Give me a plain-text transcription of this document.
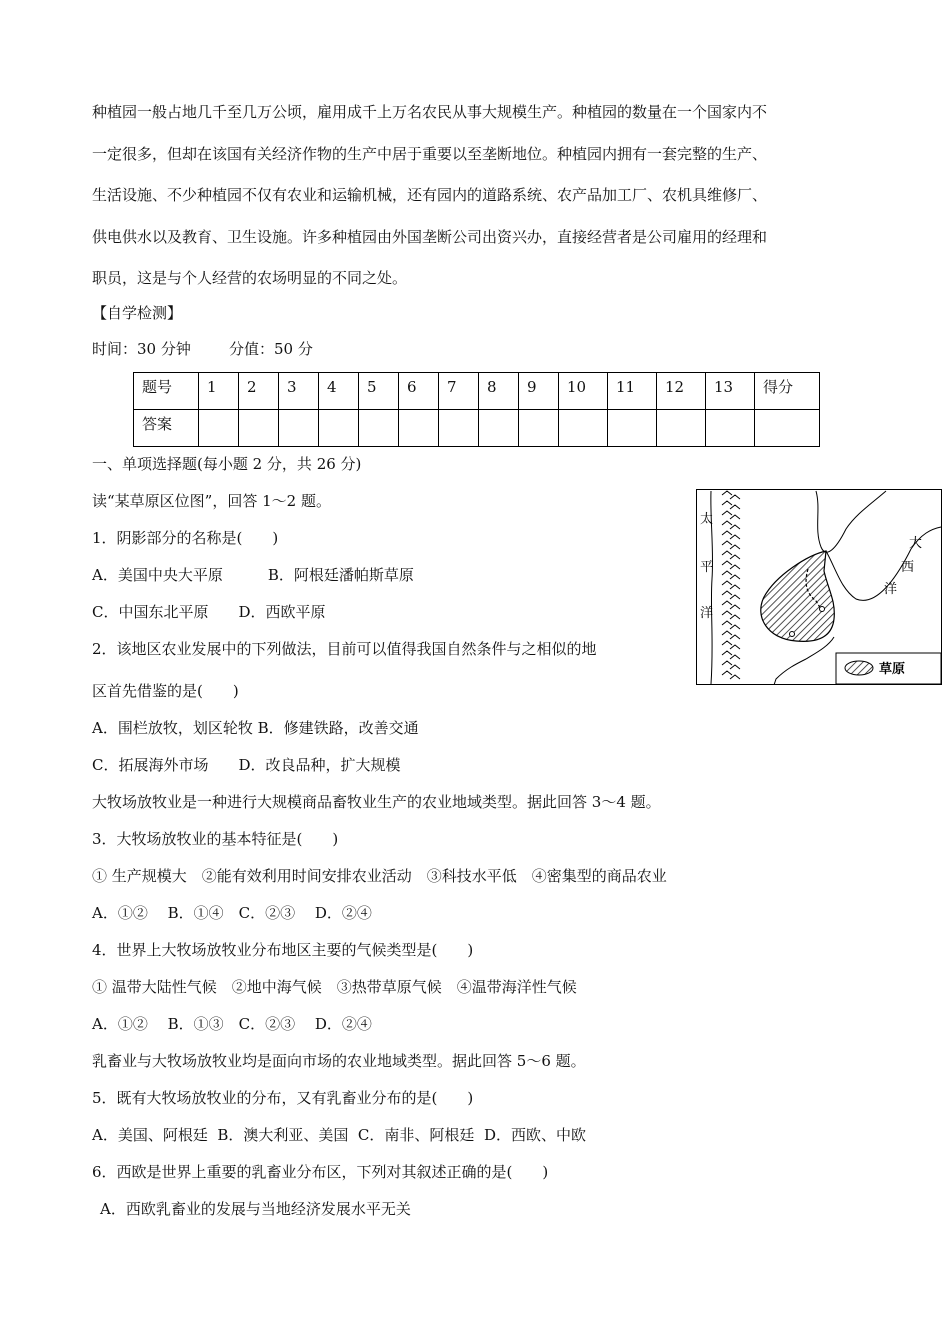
种植园一般占地几千至几万公顷，雇用成千上万名农民从事大规模生产。种植园的数量在一个国家内不
一定很多，但却在该国有关经济作物的生产中居于重要以至垄断地位。种植园内拥有一套完整的生产、
生活设施、不少种植园不仅有农业和运输机械，还有园内的道路系统、农产品加工厂、农机具维修厂、
供电供水以及教育、卫生设施。许多种植园由外国垄断公司出资兴办，直接经营者是公司雇用的经理和
职员，这是与个人经营的农场明显的不同之处。
【自学检测】
时间：30 分钟        分值：50 分
题号	1	2	3	4	5	6	7	8	9	10	11	12	13	得分
答案														
一、单项选择题(每小题 2 分，共 26 分)
读“某草原区位图”，回答 1～2 题。
1．阴影部分的名称是(　　)
A．美国中央大平原　　　B．阿根廷潘帕斯草原
C．中国东北平原　　D．西欧平原
2．该地区农业发展中的下列做法，目前可以值得我国自然条件与之相似的地
区首先借鉴的是(　　)
A．围栏放牧，划区轮牧 B．修建铁路，改善交通
C．拓展海外市场　　D．改良品种，扩大规模
大牧场放牧业是一种进行大规模商品畜牧业生产的农业地域类型。据此回答 3～4 题。
3．大牧场放牧业的基本特征是(　　)
① 生产规模大　②能有效利用时间安排农业活动　③科技水平低　④密集型的商品农业
A．①②　 B．①④　C．②③　 D．②④
4．世界上大牧场放牧业分布地区主要的气候类型是(　　)
① 温带大陆性气候　②地中海气候　③热带草原气候　④温带海洋性气候
A．①②　 B．①③　C．②③　 D．②④
乳畜业与大牧场放牧业均是面向市场的农业地域类型。据此回答 5～6 题。
5．既有大牧场放牧业的分布，又有乳畜业分布的是(　　)
A．美国、阿根廷  B．澳大利亚、美国  C．南非、阿根廷  D．西欧、中欧
6．西欧是世界上重要的乳畜业分布区，下列对其叙述正确的是(　　)
A．西欧乳畜业的发展与当地经济发展水平无关
太
平
洋
大
西
洋
草原
